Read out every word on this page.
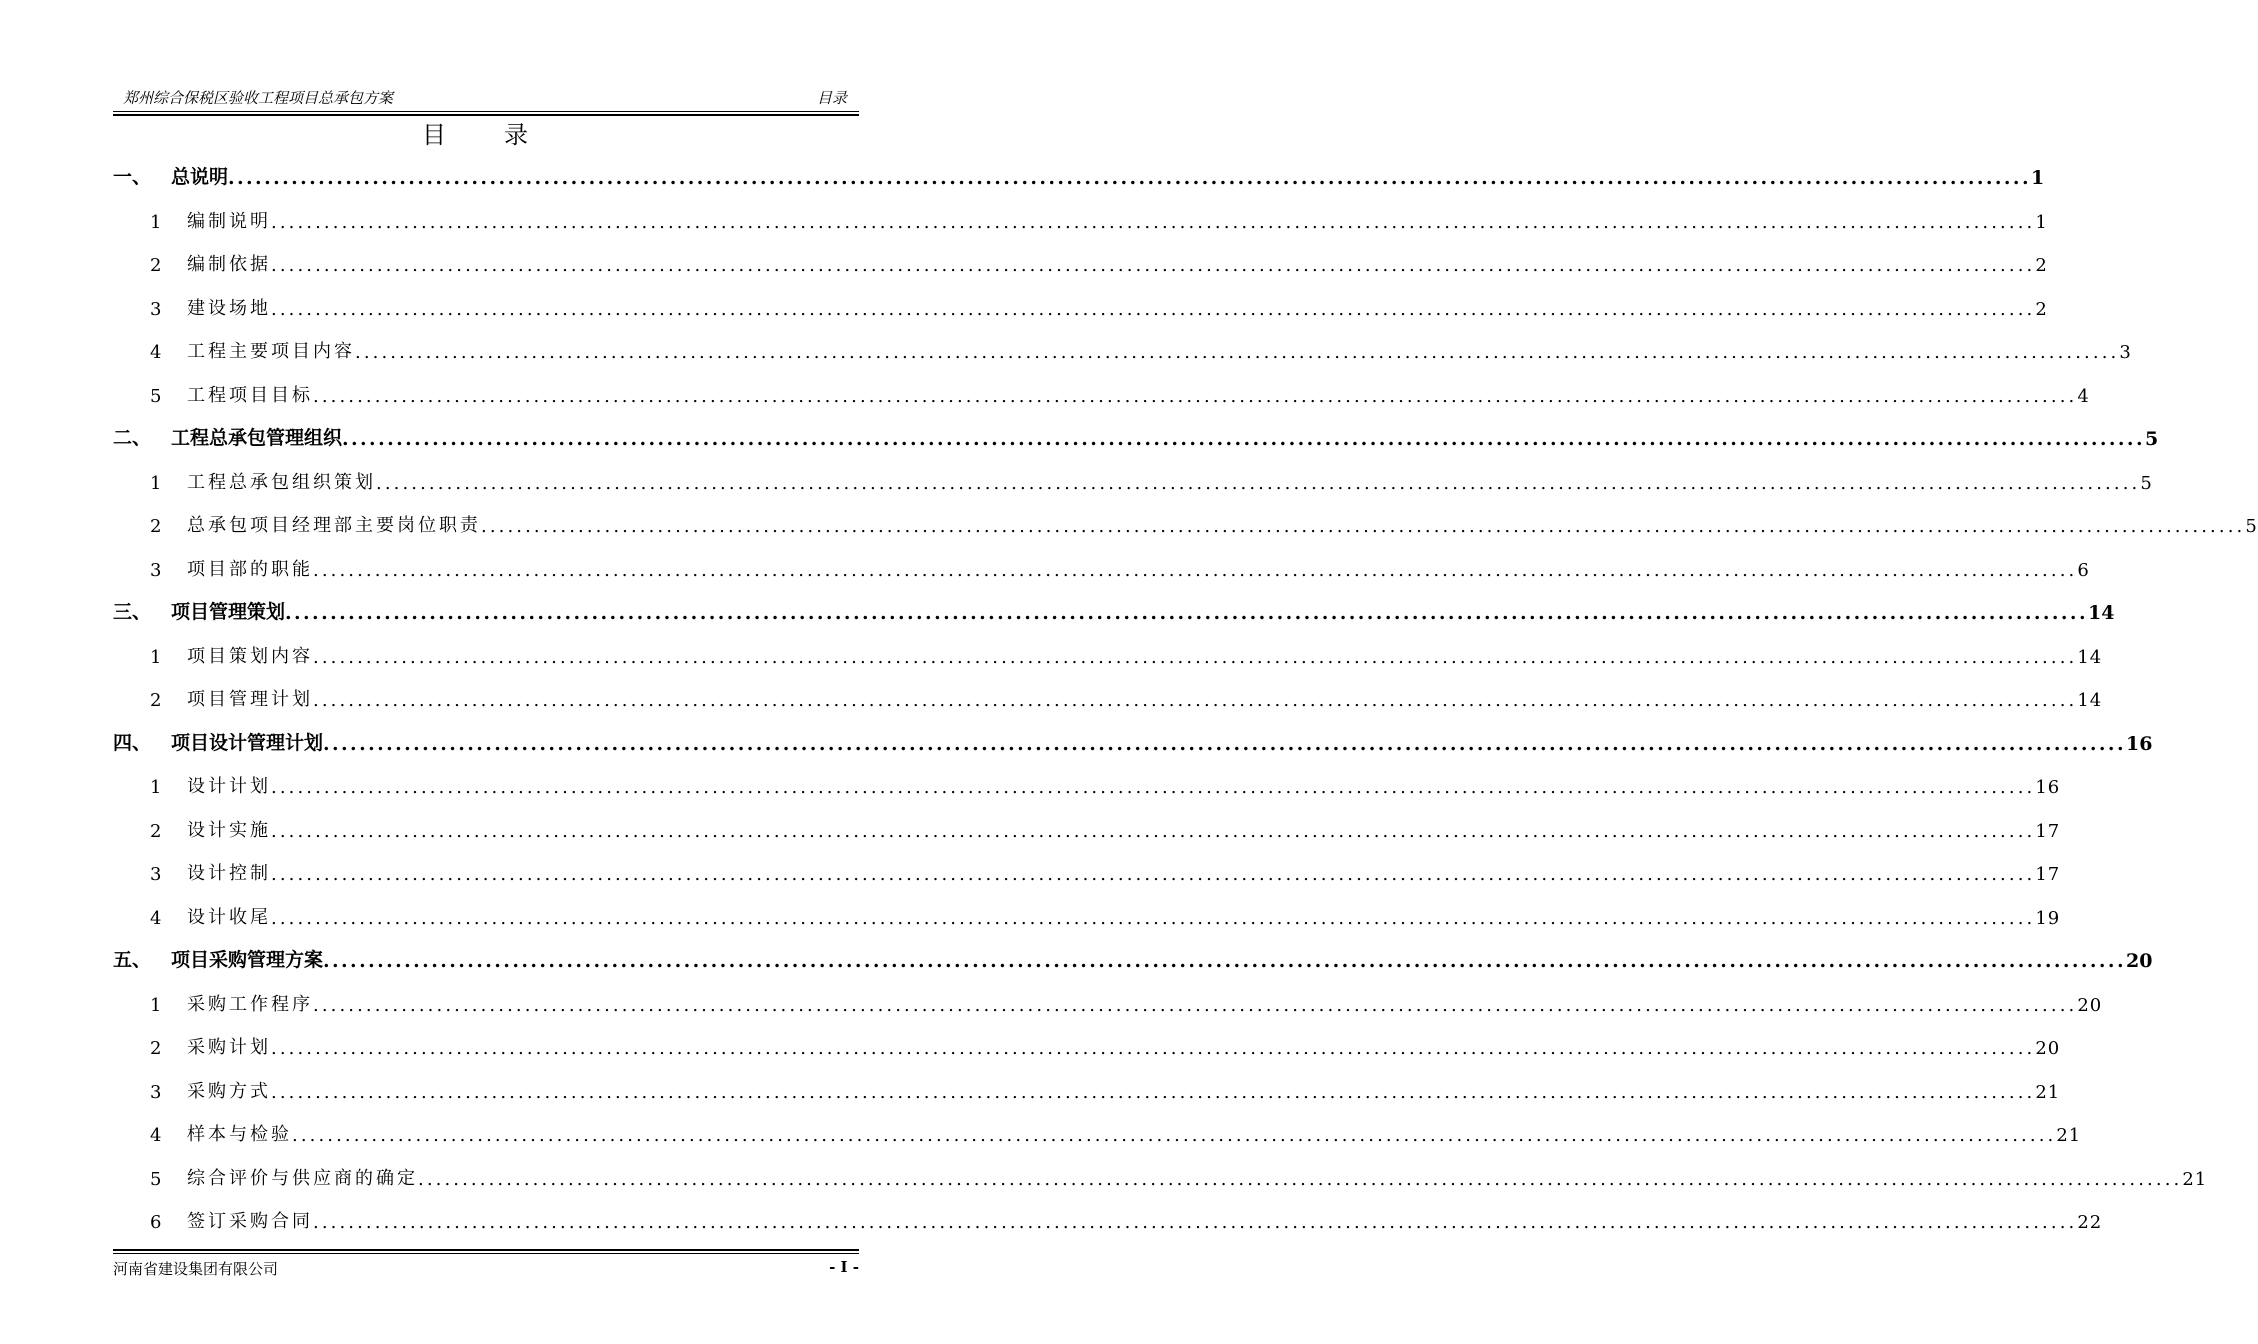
郑州综合保税区验收工程项目总承包方案	目录
目录
一、	总说明 ........................................................................................................................................................................................................ 1
1	编制说明 ........................................................................................................................................................................................................ 1
2	编制依据 ........................................................................................................................................................................................................ 2
3	建设场地 ........................................................................................................................................................................................................ 2
4	工程主要项目内容 ........................................................................................................................................................................................................ 3
5	工程项目目标 ........................................................................................................................................................................................................ 4
二、	工程总承包管理组织 ........................................................................................................................................................................................................ 5
1	工程总承包组织策划 ........................................................................................................................................................................................................ 5
2	总承包项目经理部主要岗位职责 ........................................................................................................................................................................................................ 5
3	项目部的职能 ........................................................................................................................................................................................................ 6
三、	项目管理策划 ........................................................................................................................................................................................................ 14
1	项目策划内容 ........................................................................................................................................................................................................ 14
2	项目管理计划 ........................................................................................................................................................................................................ 14
四、	项目设计管理计划 ........................................................................................................................................................................................................ 16
1	设计计划 ........................................................................................................................................................................................................ 16
2	设计实施 ........................................................................................................................................................................................................ 17
3	设计控制 ........................................................................................................................................................................................................ 17
4	设计收尾 ........................................................................................................................................................................................................ 19
五、	项目采购管理方案 ........................................................................................................................................................................................................ 20
1	采购工作程序 ........................................................................................................................................................................................................ 20
2	采购计划 ........................................................................................................................................................................................................ 20
3	采购方式 ........................................................................................................................................................................................................ 21
4	样本与检验 ........................................................................................................................................................................................................ 21
5	综合评价与供应商的确定 ........................................................................................................................................................................................................ 21
6	签订采购合同 ........................................................................................................................................................................................................ 22
河南省建设集团有限公司	- I -
